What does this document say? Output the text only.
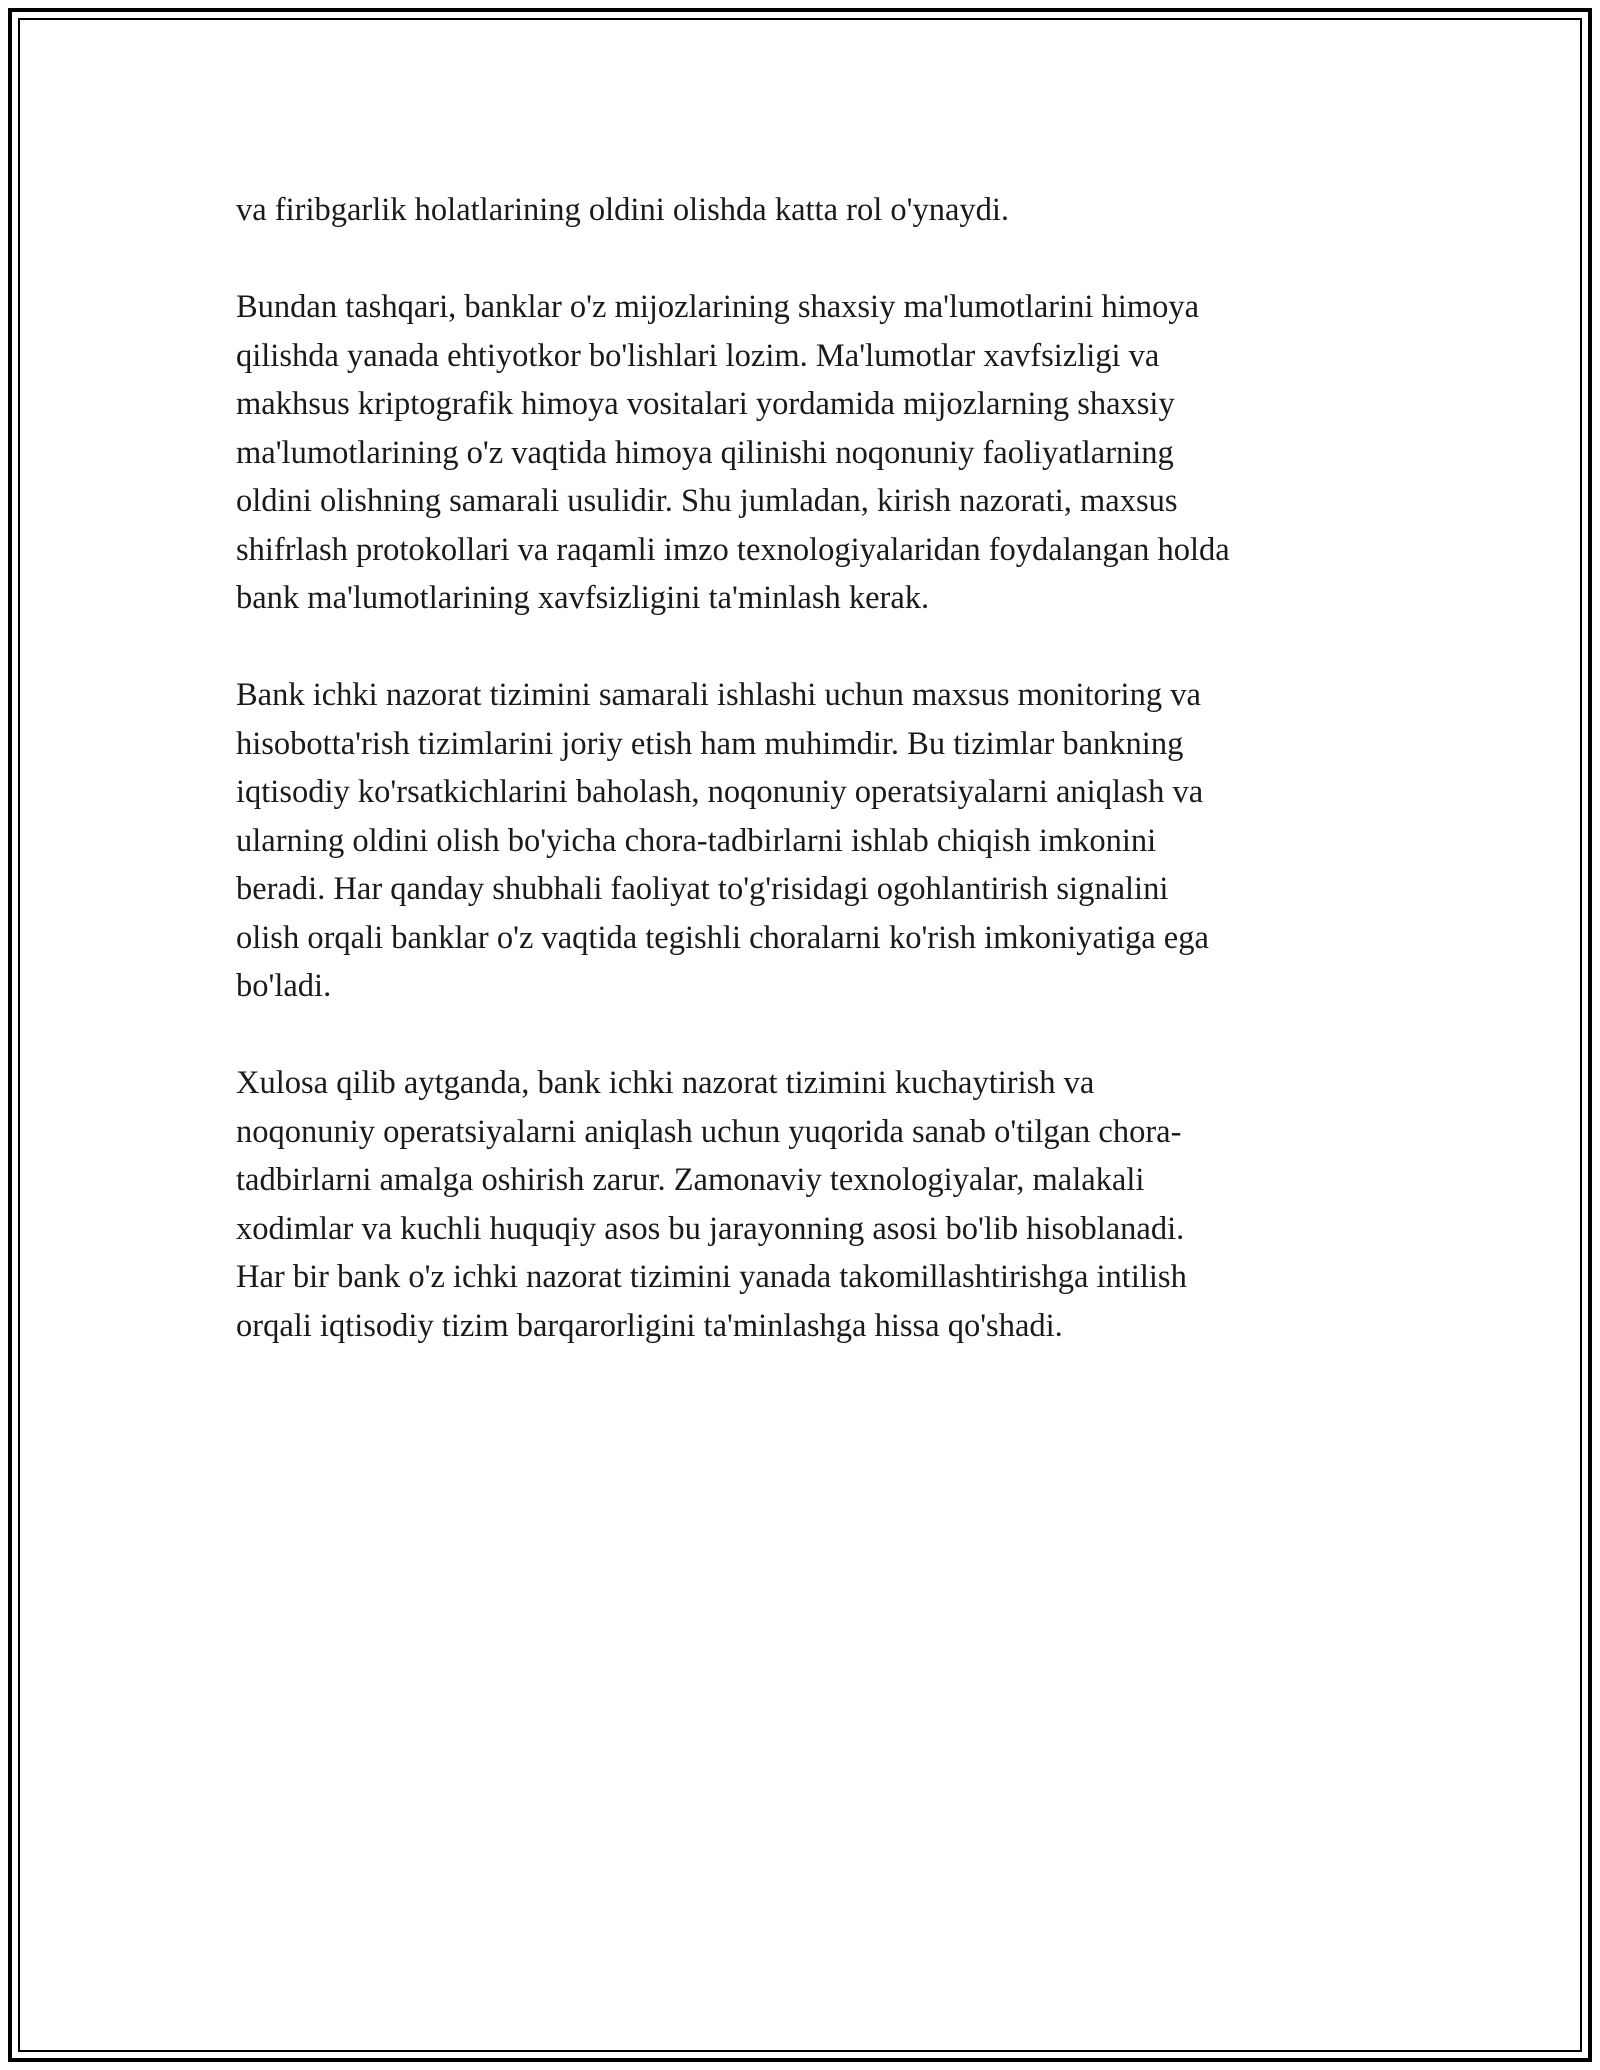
va firibgarlik holatlarining oldini olishda katta rol o'ynaydi.

Bundan tashqari, banklar o'z mijozlarining shaxsiy ma'lumotlarini himoya
qilishda yanada ehtiyotkor bo'lishlari lozim. Ma'lumotlar xavfsizligi va
makhsus kriptografik himoya vositalari yordamida mijozlarning shaxsiy
ma'lumotlarining o'z vaqtida himoya qilinishi noqonuniy faoliyatlarning
oldini olishning samarali usulidir. Shu jumladan, kirish nazorati, maxsus
shifrlash protokollari va raqamli imzo texnologiyalaridan foydalangan holda
bank ma'lumotlarining xavfsizligini ta'minlash kerak.

Bank ichki nazorat tizimini samarali ishlashi uchun maxsus monitoring va
hisobotta'rish tizimlarini joriy etish ham muhimdir. Bu tizimlar bankning
iqtisodiy ko'rsatkichlarini baholash, noqonuniy operatsiyalarni aniqlash va
ularning oldini olish bo'yicha chora-tadbirlarni ishlab chiqish imkonini
beradi. Har qanday shubhali faoliyat to'g'risidagi ogohlantirish signalini
olish orqali banklar o'z vaqtida tegishli choralarni ko'rish imkoniyatiga ega
bo'ladi.

Xulosa qilib aytganda, bank ichki nazorat tizimini kuchaytirish va
noqonuniy operatsiyalarni aniqlash uchun yuqorida sanab o'tilgan chora-
tadbirlarni amalga oshirish zarur. Zamonaviy texnologiyalar, malakali
xodimlar va kuchli huquqiy asos bu jarayonning asosi bo'lib hisoblanadi.
Har bir bank o'z ichki nazorat tizimini yanada takomillashtirishga intilish
orqali iqtisodiy tizim barqarorligini ta'minlashga hissa qo'shadi.
